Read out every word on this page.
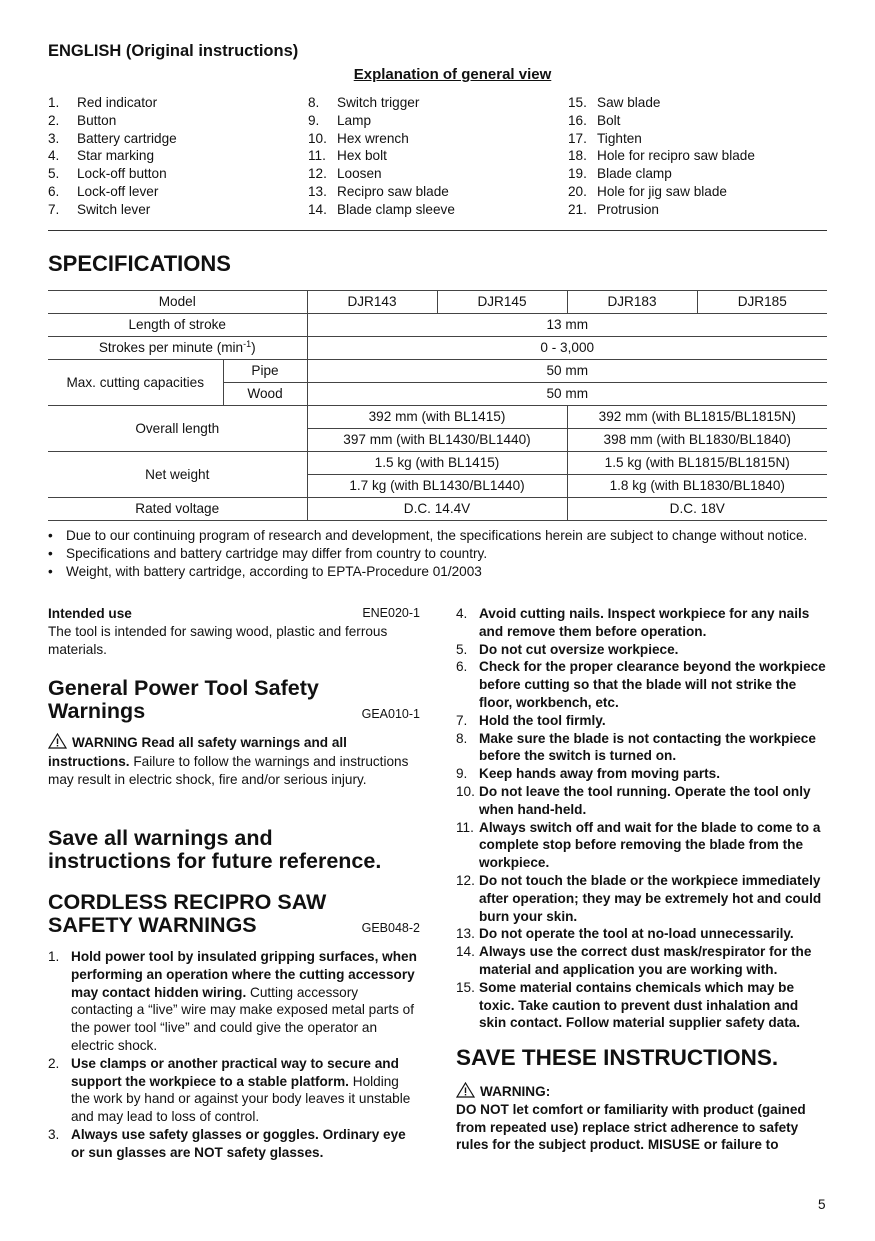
ENGLISH (Original instructions)
Explanation of general view
1. Red indicator
2. Button
3. Battery cartridge
4. Star marking
5. Lock-off button
6. Lock-off lever
7. Switch lever
8. Switch trigger
9. Lamp
10. Hex wrench
11. Hex bolt
12. Loosen
13. Recipro saw blade
14. Blade clamp sleeve
15. Saw blade
16. Bolt
17. Tighten
18. Hole for recipro saw blade
19. Blade clamp
20. Hole for jig saw blade
21. Protrusion
SPECIFICATIONS
Model		DJR143	DJR145	DJR183	DJR185
Length of stroke		13 mm			
Strokes per minute $(\min^{-1})$		0 - 3,000			
Max. cutting capacities	Pipe	50 mm			
	Wood	50 mm			
Overall length		392 mm (with BL1415)		392 mm (with BL1815/BL1815N)	
		397 mm (with BL1430/BL1440)		398 mm (with BL1830/BL1840)	
Net weight		1.5 kg (with BL1415)		1.5 kg (with BL1815/BL1815N)	
		1.7 kg (with BL1430/BL1440)		1.8 kg (with BL1830/BL1840)	
Rated voltage		D.C. 14.4V		D.C. 18V	
• Due to our continuing program of research and development, the specifications herein are subject to change without notice.
• Specifications and battery cartridge may differ from country to country.
• Weight, with battery cartridge, according to EPTA-Procedure 01/2003
Intended use	ENE020-1
The tool is intended for sawing wood, plastic and ferrous materials.
General Power Tool Safety
Warnings	GEA010-1
WARNING Read all safety warnings and all
instructions. Failure to follow the warnings and instructions may result in electric shock, fire and/or serious injury.
Save all warnings and
instructions for future reference.
CORDLESS RECIPRO SAW
SAFETY WARNINGS	GEB048-2
1. Hold power tool by insulated gripping surfaces, when performing an operation where the cutting accessory may contact hidden wiring. Cutting accessory contacting a “live” wire may make exposed metal parts of the power tool “live” and could give the operator an electric shock.
2. Use clamps or another practical way to secure and support the workpiece to a stable platform. Holding the work by hand or against your body leaves it unstable and may lead to loss of control.
3. Always use safety glasses or goggles. Ordinary eye or sun glasses are NOT safety glasses.
4. Avoid cutting nails. Inspect workpiece for any nails and remove them before operation.
5. Do not cut oversize workpiece.
6. Check for the proper clearance beyond the workpiece before cutting so that the blade will not strike the floor, workbench, etc.
7. Hold the tool firmly.
8. Make sure the blade is not contacting the workpiece before the switch is turned on.
9. Keep hands away from moving parts.
10. Do not leave the tool running. Operate the tool only when hand-held.
11. Always switch off and wait for the blade to come to a complete stop before removing the blade from the workpiece.
12. Do not touch the blade or the workpiece immediately after operation; they may be extremely hot and could burn your skin.
13. Do not operate the tool at no-load unnecessarily.
14. Always use the correct dust mask/respirator for the material and application you are working with.
15. Some material contains chemicals which may be toxic. Take caution to prevent dust inhalation and skin contact. Follow material supplier safety data.
SAVE THESE INSTRUCTIONS.
WARNING:
DO NOT let comfort or familiarity with product (gained from repeated use) replace strict adherence to safety rules for the subject product. MISUSE or failure to
5
